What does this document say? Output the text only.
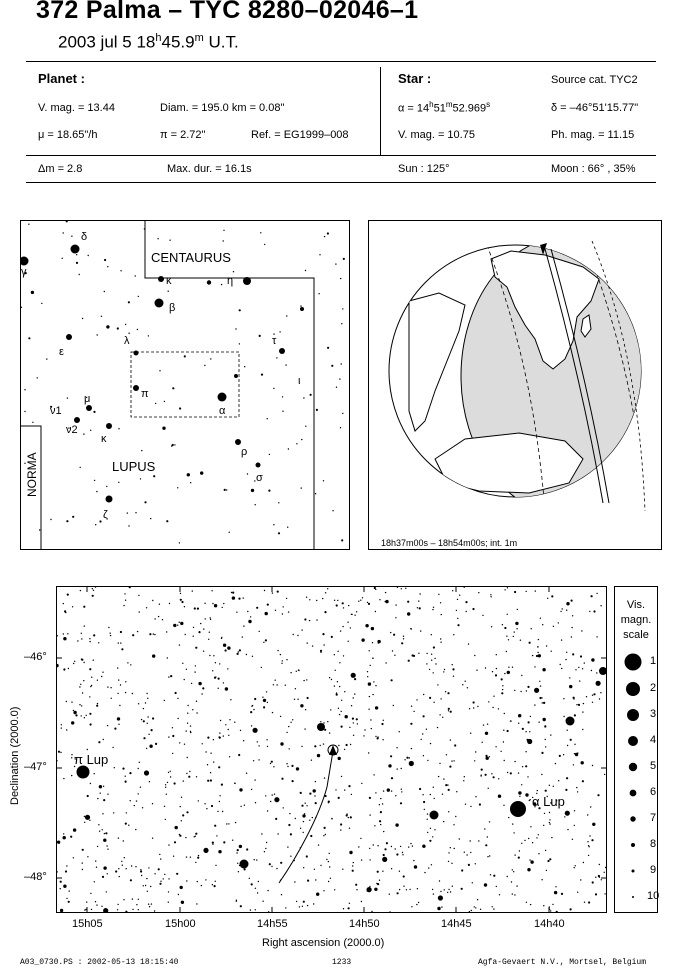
372 Palma – TYC 8280–02046–1
2003 jul 5 18$^h$45.9$^m$ U.T.
Planet :
V. mag. = 13.44	Diam. = 195.0 km = 0.08"
μ = 18.65"/h	π = 2.72"	Ref. = EG1999–008
Δm = 2.8	Max. dur. = 16.1s
Star :	Source cat. TYC2
$\alpha = 14^h51^m52.969^s$	δ = –46°51'15.77"
V. mag. = 10.75	Ph. mag. = 11.15
Sun : 125°	Moon : 66° , 35%
δ
γ
κ	η
β
ε
λ	τ
ι
π
μ
ν1
ν2
κ
α
ρ
σ
ζ
CENTAURUS
LUPUS
NORMA
18h37m00s – 18h54m00s; int. 1m
π Lup
α Lup
–46°
–47°
–48°
15h05	15h00	14h55	14h50	14h45	14h40
Right ascension (2000.0)
Declination (2000.0)
Vis.
magn.
scale
1
2
3
4
5
6
7
8
9
10
A03_0730.PS : 2002-05-13 18:15:40	1233	Agfa-Gevaert N.V., Mortsel, Belgium
